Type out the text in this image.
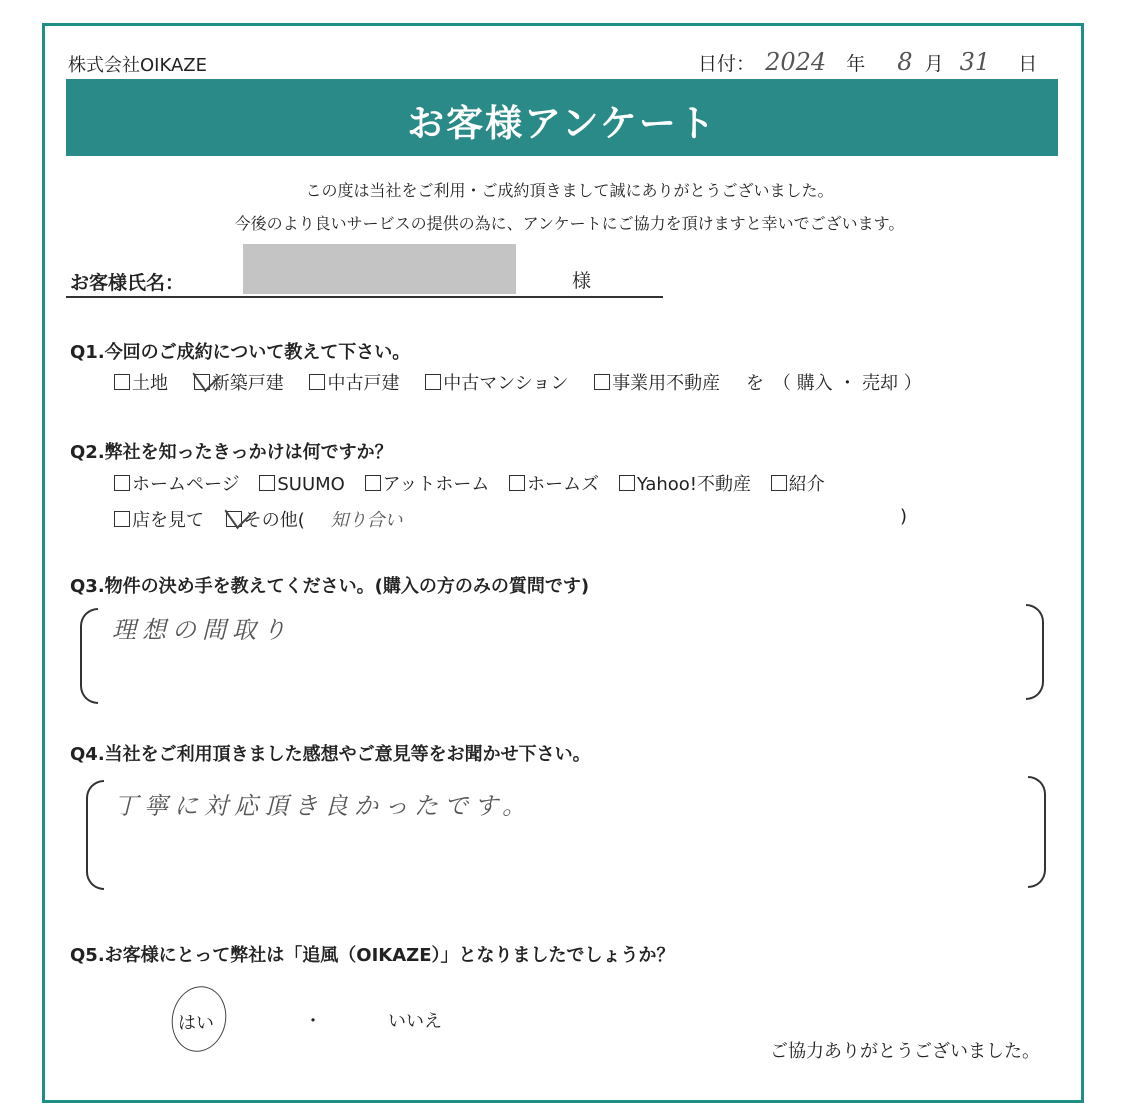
株式会社OIKAZE	日付： 2024 年 8 月 31 日
お客様アンケート
この度は当社をご利用・ご成約頂きまして誠にありがとうございました。
今後のより良いサービスの提供の為に、アンケートにご協力を頂けますと幸いでございます。
お客様氏名：	様
Q1.今回のご成約について教えて下さい。
土地 新築戸建 中古戸建 中古マンション 事業用不動産 を　（ 購入 ・ 売却 ）
Q2.弊社を知ったきっかけは何ですか？
ホームページ SUUMO アットホーム ホームズ Yahoo!不動産 紹介
店を見て その他( 知り合い	)
Q3.物件の決め手を教えてください。(購入の方のみの質問です)
理想の間取り
Q4.当社をご利用頂きました感想やご意見等をお聞かせ下さい。
丁寧に対応頂き良かったです。
Q5.お客様にとって弊社は「追風（OIKAZE）」となりましたでしょうか？
はい	・	いいえ
ご協力ありがとうございました。
